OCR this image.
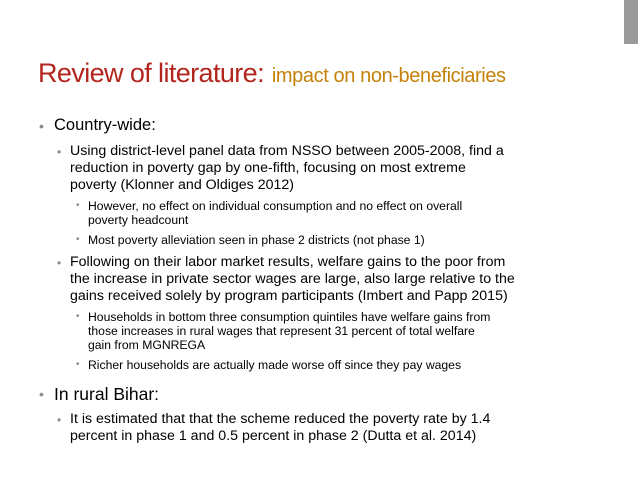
Review of literature: impact on non-beneficiaries
• Country-wide:
• Using district-level panel data from NSSO between 2005-2008, find a
reduction in poverty gap by one-fifth, focusing on most extreme
poverty (Klonner and Oldiges 2012)
• However, no effect on individual consumption and no effect on overall
poverty headcount
• Most poverty alleviation seen in phase 2 districts (not phase 1)
• Following on their labor market results, welfare gains to the poor from
the increase in private sector wages are large, also large relative to the
gains received solely by program participants (Imbert and Papp 2015)
• Households in bottom three consumption quintiles have welfare gains from
those increases in rural wages that represent 31 percent of total welfare
gain from MGNREGA
• Richer households are actually made worse off since they pay wages
• In rural Bihar:
• It is estimated that that the scheme reduced the poverty rate by 1.4
percent in phase 1 and 0.5 percent in phase 2 (Dutta et al. 2014)
